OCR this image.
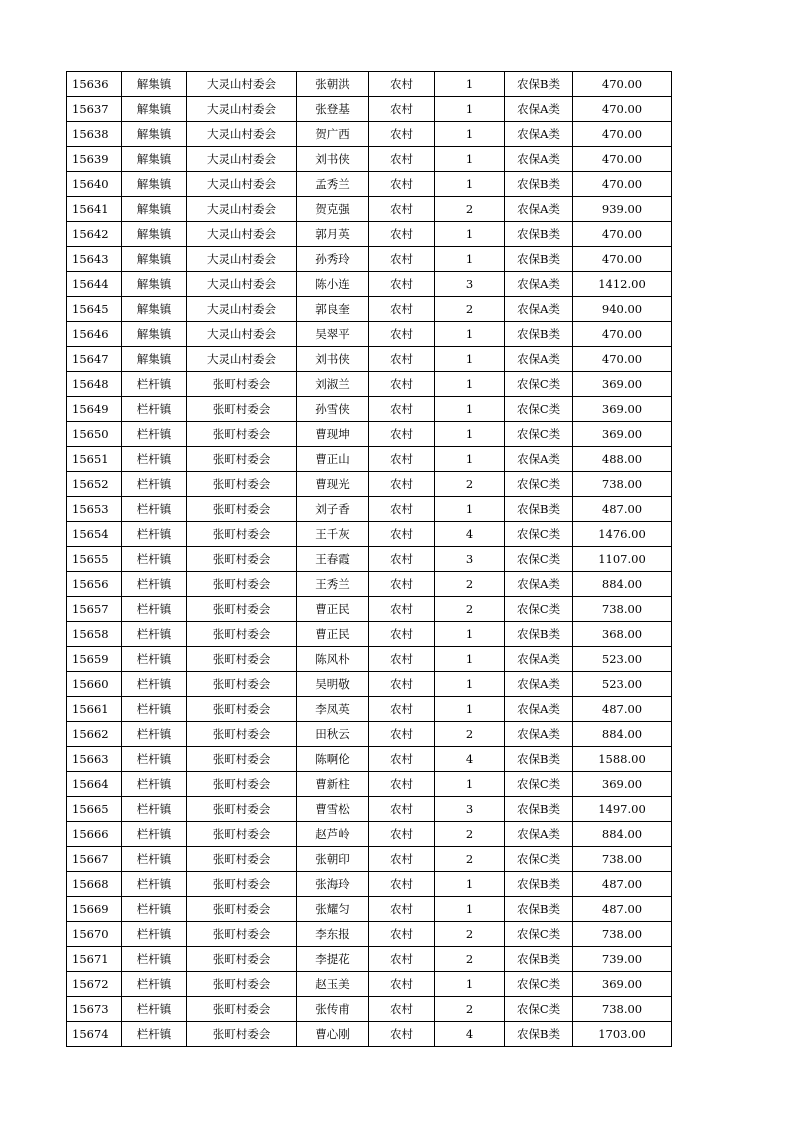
15636	解集镇	大灵山村委会	张朝洪	农村	1	农保B类	470.00
15637	解集镇	大灵山村委会	张登基	农村	1	农保A类	470.00
15638	解集镇	大灵山村委会	贺广西	农村	1	农保A类	470.00
15639	解集镇	大灵山村委会	刘书侠	农村	1	农保A类	470.00
15640	解集镇	大灵山村委会	孟秀兰	农村	1	农保B类	470.00
15641	解集镇	大灵山村委会	贺克强	农村	2	农保A类	939.00
15642	解集镇	大灵山村委会	郭月英	农村	1	农保B类	470.00
15643	解集镇	大灵山村委会	孙秀玲	农村	1	农保B类	470.00
15644	解集镇	大灵山村委会	陈小连	农村	3	农保A类	1412.00
15645	解集镇	大灵山村委会	郭良奎	农村	2	农保A类	940.00
15646	解集镇	大灵山村委会	吴翠平	农村	1	农保B类	470.00
15647	解集镇	大灵山村委会	刘书侠	农村	1	农保A类	470.00
15648	栏杆镇	张町村委会	刘淑兰	农村	1	农保C类	369.00
15649	栏杆镇	张町村委会	孙雪侠	农村	1	农保C类	369.00
15650	栏杆镇	张町村委会	曹现坤	农村	1	农保C类	369.00
15651	栏杆镇	张町村委会	曹正山	农村	1	农保A类	488.00
15652	栏杆镇	张町村委会	曹现光	农村	2	农保C类	738.00
15653	栏杆镇	张町村委会	刘子香	农村	1	农保B类	487.00
15654	栏杆镇	张町村委会	王千灰	农村	4	农保C类	1476.00
15655	栏杆镇	张町村委会	王春霞	农村	3	农保C类	1107.00
15656	栏杆镇	张町村委会	王秀兰	农村	2	农保A类	884.00
15657	栏杆镇	张町村委会	曹正民	农村	2	农保C类	738.00
15658	栏杆镇	张町村委会	曹正民	农村	1	农保B类	368.00
15659	栏杆镇	张町村委会	陈风朴	农村	1	农保A类	523.00
15660	栏杆镇	张町村委会	吴明敬	农村	1	农保A类	523.00
15661	栏杆镇	张町村委会	李凤英	农村	1	农保A类	487.00
15662	栏杆镇	张町村委会	田秋云	农村	2	农保A类	884.00
15663	栏杆镇	张町村委会	陈啊伦	农村	4	农保B类	1588.00
15664	栏杆镇	张町村委会	曹新柱	农村	1	农保C类	369.00
15665	栏杆镇	张町村委会	曹雪松	农村	3	农保B类	1497.00
15666	栏杆镇	张町村委会	赵芦岭	农村	2	农保A类	884.00
15667	栏杆镇	张町村委会	张朝印	农村	2	农保C类	738.00
15668	栏杆镇	张町村委会	张海玲	农村	1	农保B类	487.00
15669	栏杆镇	张町村委会	张耀匀	农村	1	农保B类	487.00
15670	栏杆镇	张町村委会	李东报	农村	2	农保C类	738.00
15671	栏杆镇	张町村委会	李提花	农村	2	农保B类	739.00
15672	栏杆镇	张町村委会	赵玉美	农村	1	农保C类	369.00
15673	栏杆镇	张町村委会	张传甫	农村	2	农保C类	738.00
15674	栏杆镇	张町村委会	曹心刚	农村	4	农保B类	1703.00
